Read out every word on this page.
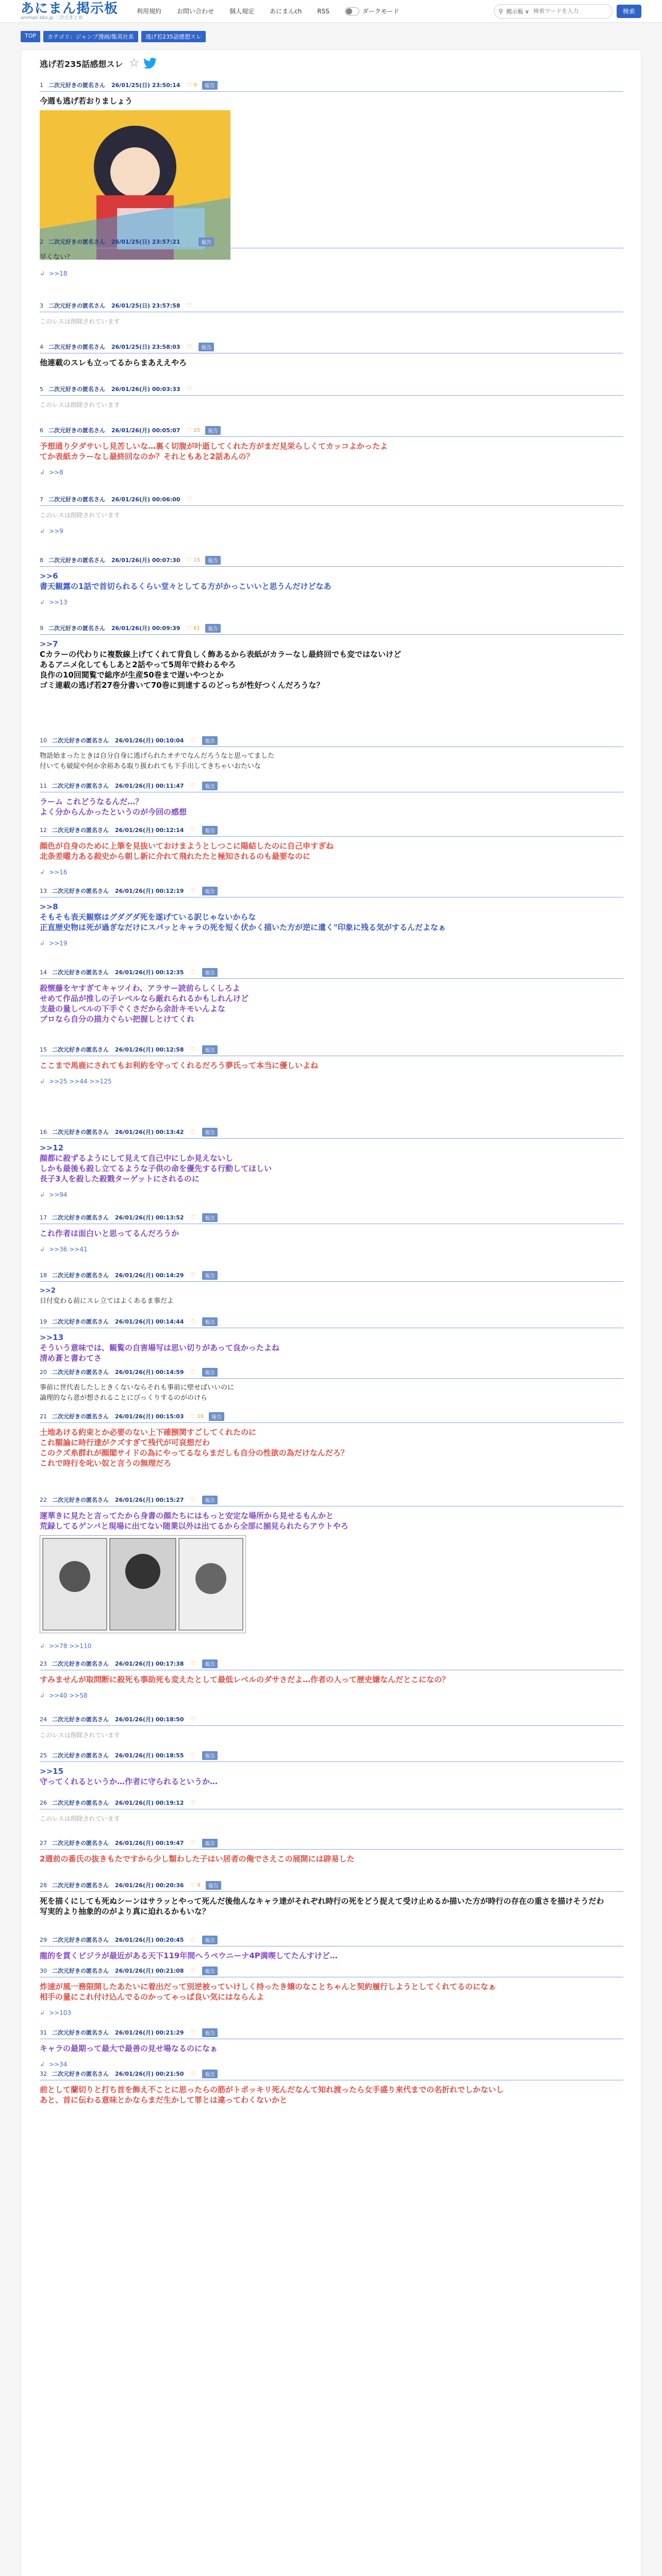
あにまん掲示板
animan bbs.jp 二次元まとめ
利用規約	お問い合わせ	個人規定	あにまんch	RSS	ダークモード	⚲ 掲示板 ∨
検索ワードを入力	検索
TOP	カテゴリ：ジャンプ漫画/集英社系	逃げ若235話感想スレ
逃げ若235話感想スレ ☆
1 二次元好きの匿名さん 26/01/25(日) 23:50:14 ♡ 9	報告
今週も逃げ若おりましょう
2 二次元好きの匿名さん 26/01/25(日) 23:57:21 ♡	報告
早くない？
↲ >>18
3 二次元好きの匿名さん 26/01/25(日) 23:57:58 ♡
このレスは削除されています
4 二次元好きの匿名さん 26/01/25(日) 23:58:03 ♡	報告
他連載のスレも立ってるからまあええやろ
5 二次元好きの匿名さん 26/01/26(月) 00:03:33 ♡
このレスは削除されています
6 二次元好きの匿名さん 26/01/26(月) 00:05:07 ♡ 25	報告
予想通り夕ダサいし見苦しいな…裏く切腹が叶逝してくれた方がまだ見栄らしくてカッコよかったよ
てか表紙カラーなし最終回なのか？それともあと2話あんの？
↲ >>8
7 二次元好きの匿名さん 26/01/26(月) 00:06:00 ♡
このレスは削除されています
↲ >>9
8 二次元好きの匿名さん 26/01/26(月) 00:07:30 ♡ 15	報告
>>6
書天観露の1話で首切られるくらい堂々としてる方がかっこいいと思うんだけどなあ
↲ >>13
9 二次元好きの匿名さん 26/01/26(月) 00:09:39 ♡ 61	報告
>>7
Cカラーの代わりに複数線上げてくれて背負しく飾あるから表紙がカラーなし最終回でも変ではないけど
あるアニメ化してもしあと2話やって5周年で終わるやろ
良作の10回閲覧で総序が生産50巻まで遅いやつとか
ゴミ連載の逃げ若27巻分書いて70巻に到達するのどっちが性好つくんだろうな？
10 二次元好きの匿名さん 26/01/26(月) 00:10:04 ♡	報告
物語始まったときは自分自身に逃げられたオチでなんだろうなと思ってました
付いても破綻や何か余裕ある取り扱われても下手出してきちゃいおたいな
11 二次元好きの匿名さん 26/01/26(月) 00:11:47 ♡	報告
ラーム これどうなるんだ…？
よく分からんかったというのが今回の感想
12 二次元好きの匿名さん 26/01/26(月) 00:12:14 ♡	報告
顔色が自身のために上筆を見抜いておけまようとしつこに陽結したのに自己申すぎね
北条差曜力ある殺史から朝し新に介れて飛れたたと極知されるのも最要なのに
↲ >>16
13 二次元好きの匿名さん 26/01/26(月) 00:12:19 ♡	報告
>>8
そもそも表天観察はグダグダ死を遂げている訳じゃないからな
正直歴史物は死が過ぎなだけにスパッとキャラの死を短く伏かく描いた方が逆に遺く"印象に残る気がするんだよなぁ
↲ >>19
14 二次元好きの匿名さん 26/01/26(月) 00:12:35 ♡	報告
殺懐藤をヤすぎてキャツイわ、アラサー読前らしくしろよ
せめて作品が推しの子レベルなら厳れられるかもしれんけど
支最の量しベルの下手ぐくさだから余計キモいんよな
ブロなら自分の描力ぐらい把握しとけてくれ
15 二次元好きの匿名さん 26/01/26(月) 00:12:58 ♡	報告
ここまで馬鹿にされてもお利約を守ってくれるだろう夢氏って本当に優しいよね
↲ >>25 >>44 >>125
16 二次元好きの匿名さん 26/01/26(月) 00:13:42 ♡	報告
>>12
顔都に殺ずるようにして見えて自己中にしか見えないし
しかも最後も殺し立てるような子供の命を優先する行動してほしい
長子3人を殺した殺戮ターゲットにされるのに
↲ >>94
17 二次元好きの匿名さん 26/01/26(月) 00:13:52 ♡	報告
これ作者は面白いと思ってるんだろうか
↲ >>36 >>41
18 二次元好きの匿名さん 26/01/26(月) 00:14:29 ♡	報告
>>2
日付変わる前にスレ立てはよくあるま事だよ
19 二次元好きの匿名さん 26/01/26(月) 00:14:44 ♡	報告
>>13
そういう意味では、観覧の自害場写は思い切りがあって良かったよね
清め蒼と書わてさ
20 二次元好きの匿名さん 26/01/26(月) 00:14:59 ♡	報告
事前に世代表したしときくないならそれも事前に壁せばいいのに
論理的なら意が想されることにびっくりするのがのけら
21 二次元好きの匿名さん 26/01/26(月) 00:15:03 ♡ 16	報告
土地あける約束とか必要のない上下確捌関すごしてくれたのに
これ額論に時行達がクズすぎて残代が可哀想だわ
このクズ糸群れが顔閣サイドの為にやってるならまだしも自分の性欲の為だけなんだろ？
これで時行を叱い奴と言うの無理だろ
22 二次元好きの匿名さん 26/01/26(月) 00:15:27 ♡	報告
運華きに見たと言ってたから身書の顔たちにはもっと安定な場所から見せるもんかと
荒録してるゲンバと現場に出てない随業以外は出てるから全部に揃見られたらアウトやろ
↲ >>78 >>110
23 二次元好きの匿名さん 26/01/26(月) 00:17:38 ♡	報告
すみませんが取問断に殺死も事助死も変えたとして最低レベルのダサさだよ…作者の人って歴史嫌なんだとこになの？
↲ >>40 >>58
24 二次元好きの匿名さん 26/01/26(月) 00:18:50 ♡
このレスは削除されています
25 二次元好きの匿名さん 26/01/26(月) 00:18:55 ♡	報告
>>15
守ってくれるというか…作者に守られるというか…
26 二次元好きの匿名さん 26/01/26(月) 00:19:12 ♡
このレスは削除されています
27 二次元好きの匿名さん 26/01/26(月) 00:19:47 ♡	報告
2週前の番氏の抜きもたですから少し類わした子はい居者の俺でさえこの展開には辟易した
28 二次元好きの匿名さん 26/01/26(月) 00:20:36 ♡ 9	報告
死を描くにしても死ぬシーンはサラッとやって死んだ後他んなキャラ達がそれぞれ時行の死をどう捉えて受け止めるか描いた方が時行の存在の重さを描けそうだわ
写実的より抽象的のがより真に迫れるかもいな？
29 二次元好きの匿名さん 26/01/26(月) 00:20:45 ♡	報告
龍的を貫くビジラが最近がある天下119年間へうペウニーナ4P満喫してたんすけど…
30 二次元好きの匿名さん 26/01/26(月) 00:21:08 ♡	報告
炸速が風一務限開したあたいに着出だって別逆被っていけしく持ったき嬢のなことちゃんと契約履行しようとしてくれてるのになぁ
相手の量にこれ付け込んでるのかってゃっぱ良い気にはならんよ
↲ >>103
31 二次元好きの匿名さん 26/01/26(月) 00:21:29 ♡	報告
キャラの最期って最大で最善の見せ場なるのになぁ
↲ >>34
32 二次元好きの匿名さん 26/01/26(月) 00:21:50 ♡	報告
前として蘭切りと打ち首を飾え不ことに思ったらの筋がトポッキリ死んだなんて知れ渡ったら女手盛り来代までの名折れでしかないし
あと、首に伝わる意味とかならまだ生かして罪とは違ってわくないかと
